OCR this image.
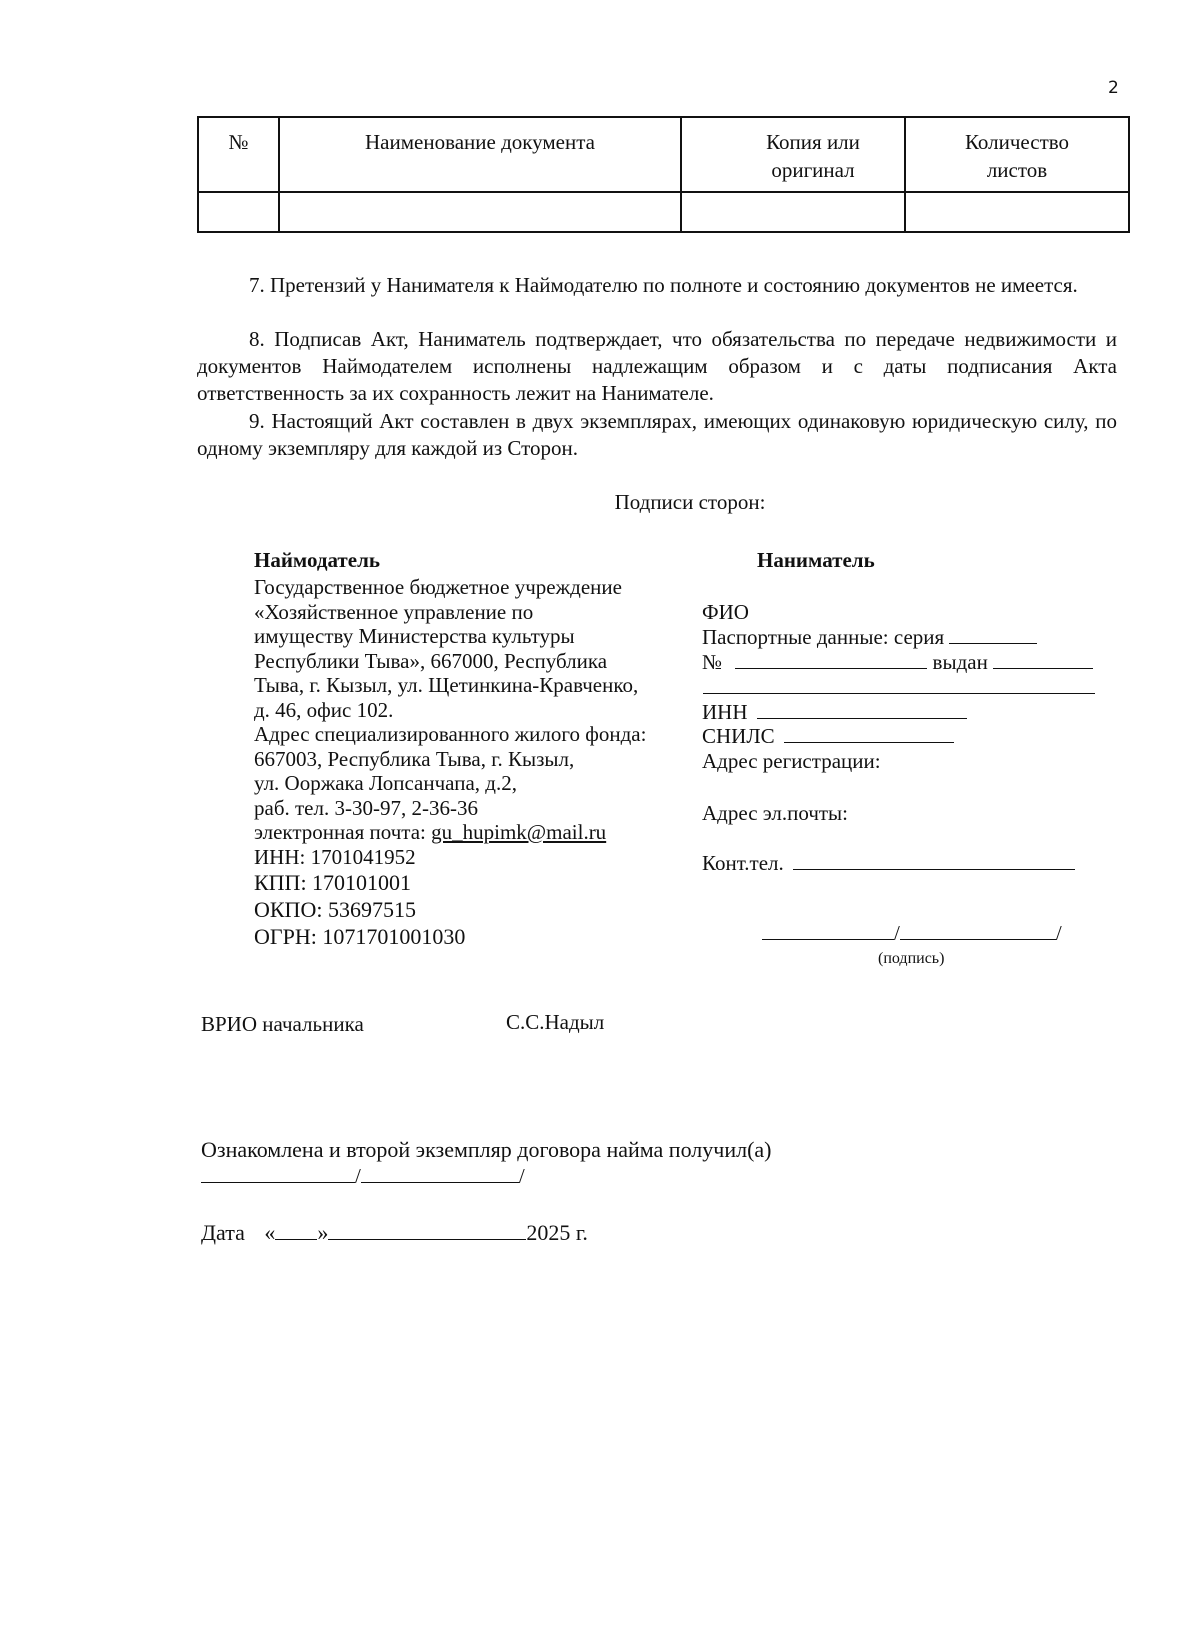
2
№	Наименование документа	Копия или оригинал	Количество листов

7. Претензий у Нанимателя к Наймодателю по полноте и состоянию документов не имеется.

8. Подписав Акт, Наниматель подтверждает, что обязательства по передаче недвижимости и документов Наймодателем исполнены надлежащим образом и с даты подписания Акта ответственность за их сохранность лежит на Нанимателе.

9. Настоящий Акт составлен в двух экземплярах, имеющих одинаковую юридическую силу, по одному экземпляру для каждой из Сторон.

Подписи сторон:
Наймодатель
Государственное бюджетное учреждение
«Хозяйственное управление по
имуществу Министерства культуры
Республики Тыва», 667000, Республика
Тыва, г. Кызыл, ул. Щетинкина-Кравченко,
д. 46, офис 102.
Адрес специализированного жилого фонда:
667003, Республика Тыва, г. Кызыл,
ул. Ооржака Лопсанчапа, д.2,
раб. тел. 3-30-97, 2-36-36
электронная почта: gu_hupimk@mail.ru
ИНН: 1701041952
КПП: 170101001
ОКПО: 53697515
ОГРН: 1071701001030
Наниматель
ФИО
Паспортные данные: серия
№	выдан
ИНН
СНИЛС
Адрес регистрации:
Адрес эл.почты:
Конт.тел.
/	/
(подпись)
ВРИО начальника	С.С.Надыл
Ознакомлена и второй экземпляр договора найма получил(а)
/	/
Дата « »	2025 г.
